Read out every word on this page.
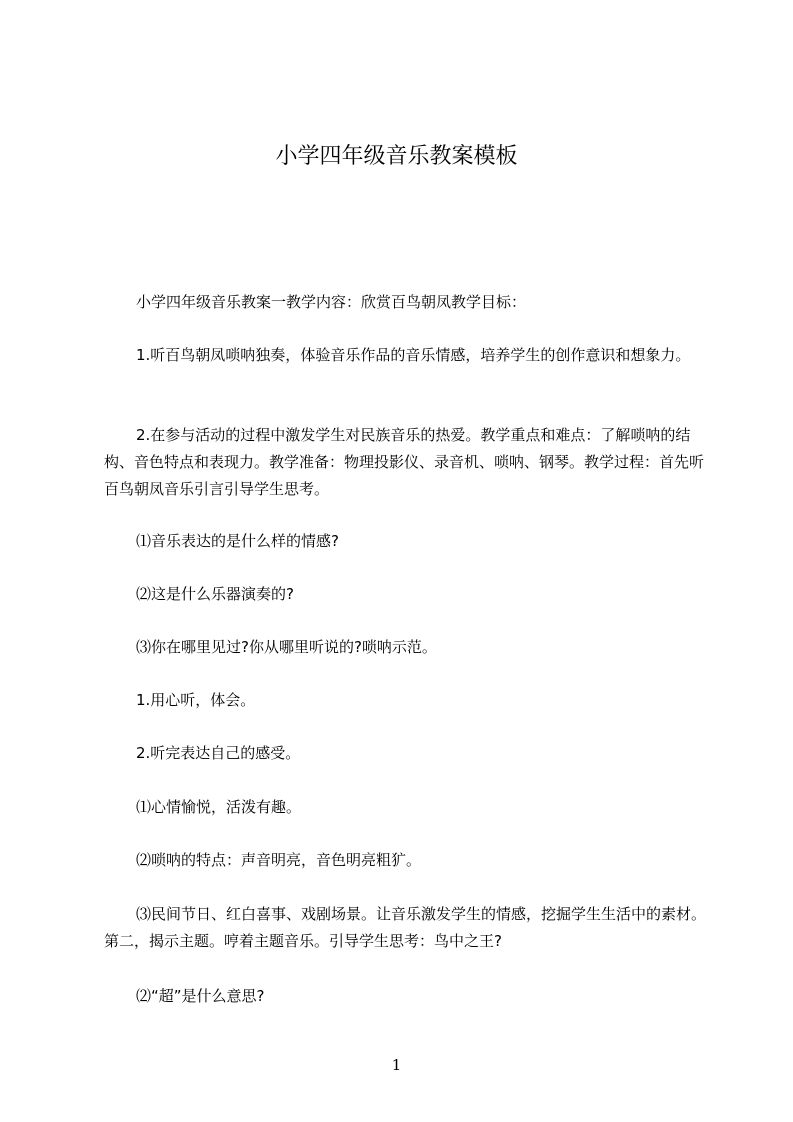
小学四年级音乐教案模板
小学四年级音乐教案一教学内容：欣赏百鸟朝凤教学目标：
1.听百鸟朝凤唢呐独奏，体验音乐作品的音乐情感，培养学生的创作意识和想象力。
2.在参与活动的过程中激发学生对民族音乐的热爱。教学重点和难点：了解唢呐的结构、音色特点和表现力。教学准备：物理投影仪、录音机、唢呐、钢琴。教学过程：首先听百鸟朝凤音乐引言引导学生思考。
⑴音乐表达的是什么样的情感?
⑵这是什么乐器演奏的?
⑶你在哪里见过?你从哪里听说的?唢呐示范。
1.用心听，体会。
2.听完表达自己的感受。
⑴心情愉悦，活泼有趣。
⑵唢呐的特点：声音明亮，音色明亮粗犷。
⑶民间节日、红白喜事、戏剧场景。让音乐激发学生的情感，挖掘学生生活中的素材。第二，揭示主题。哼着主题音乐。引导学生思考：鸟中之王?
⑵“超”是什么意思?
1
